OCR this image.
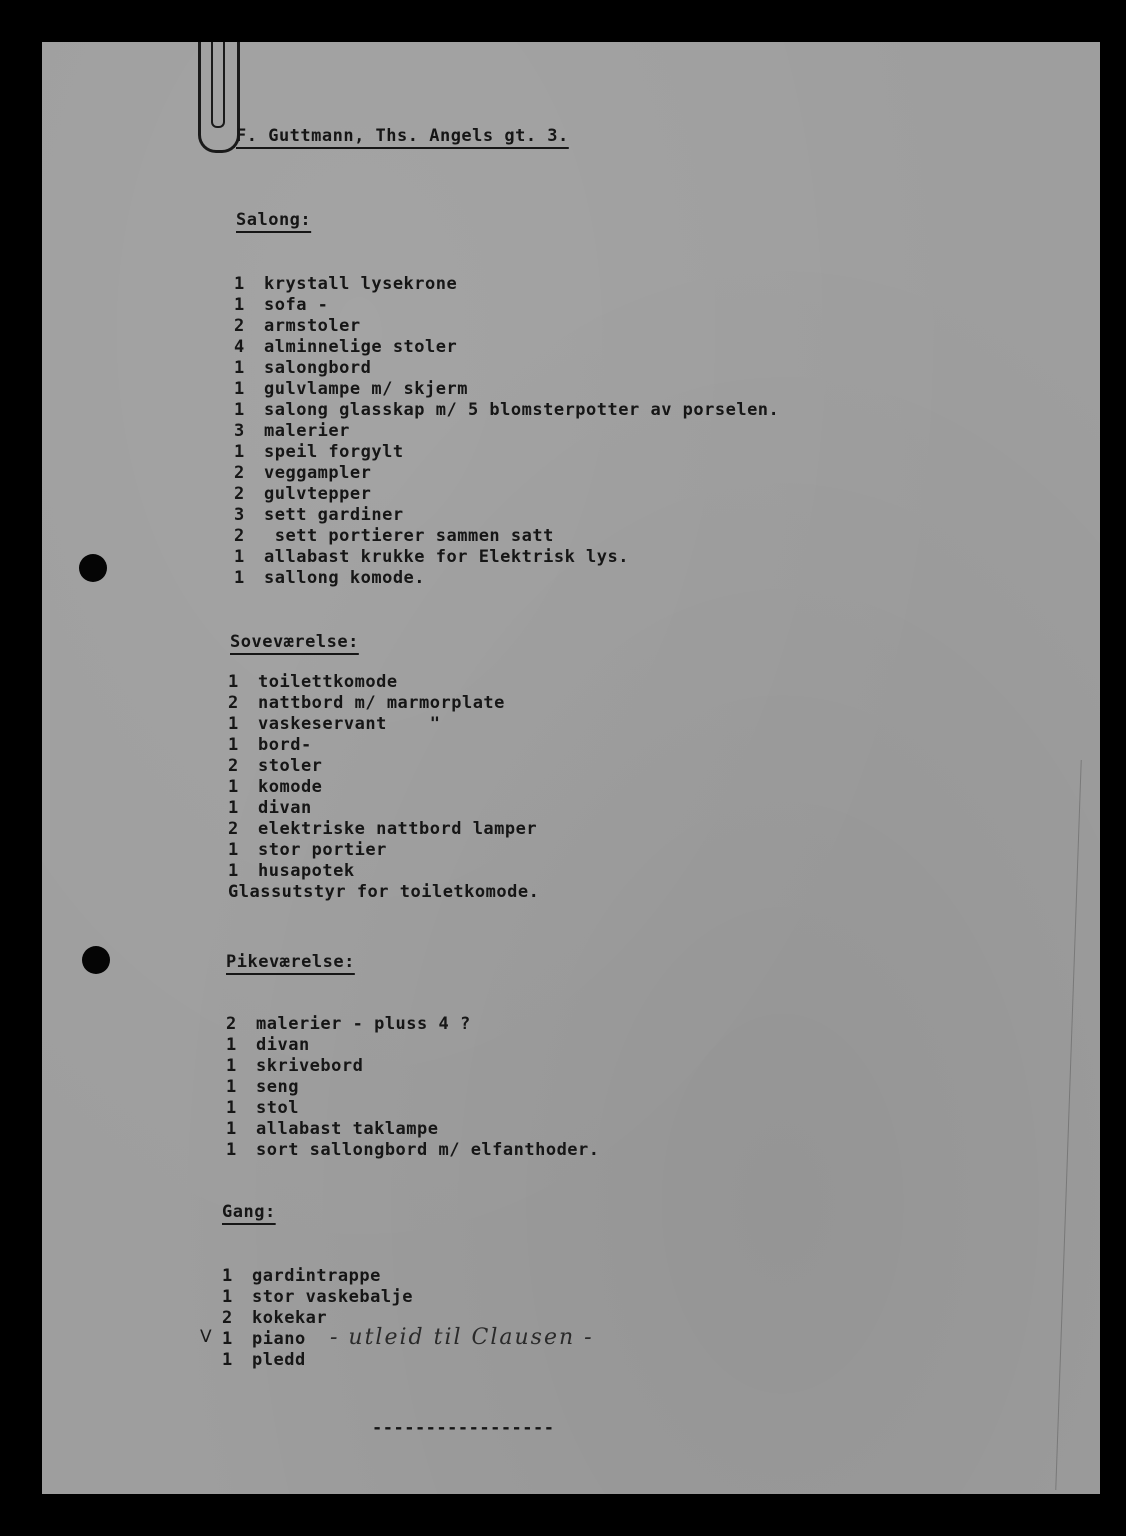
F. Guttmann, Ths. Angels gt. 3.
Salong:
1 krystall lysekrone
1 sofa -
2 armstoler
4 alminnelige stoler
1 salongbord
1 gulvlampe m/ skjerm
1 salong glasskap m/ 5 blomsterpotter av porselen.
3 malerier
1 speil forgylt
2 veggampler
2 gulvtepper
3 sett gardiner
2 sett portierer sammen satt
1 allabast krukke for Elektrisk lys.
1 sallong komode.
Soveværelse:
1 toilettkomode
2 nattbord m/ marmorplate
1 vaskeservant    "
1 bord-
2 stoler
1 komode
1 divan
2 elektriske nattbord lamper
1 stor portier
1 husapotek
Glassutstyr for toiletkomode.
Pikeværelse:
2 malerier - pluss 4 ?
1 divan
1 skrivebord
1 seng
1 stol
1 allabast taklampe
1 sort sallongbord m/ elfanthoder.
Gang:
1 gardintrappe
1 stor vaskebalje
2 kokekar
1 piano
1 pledd
V	- utleid til Clausen -
-----------------
